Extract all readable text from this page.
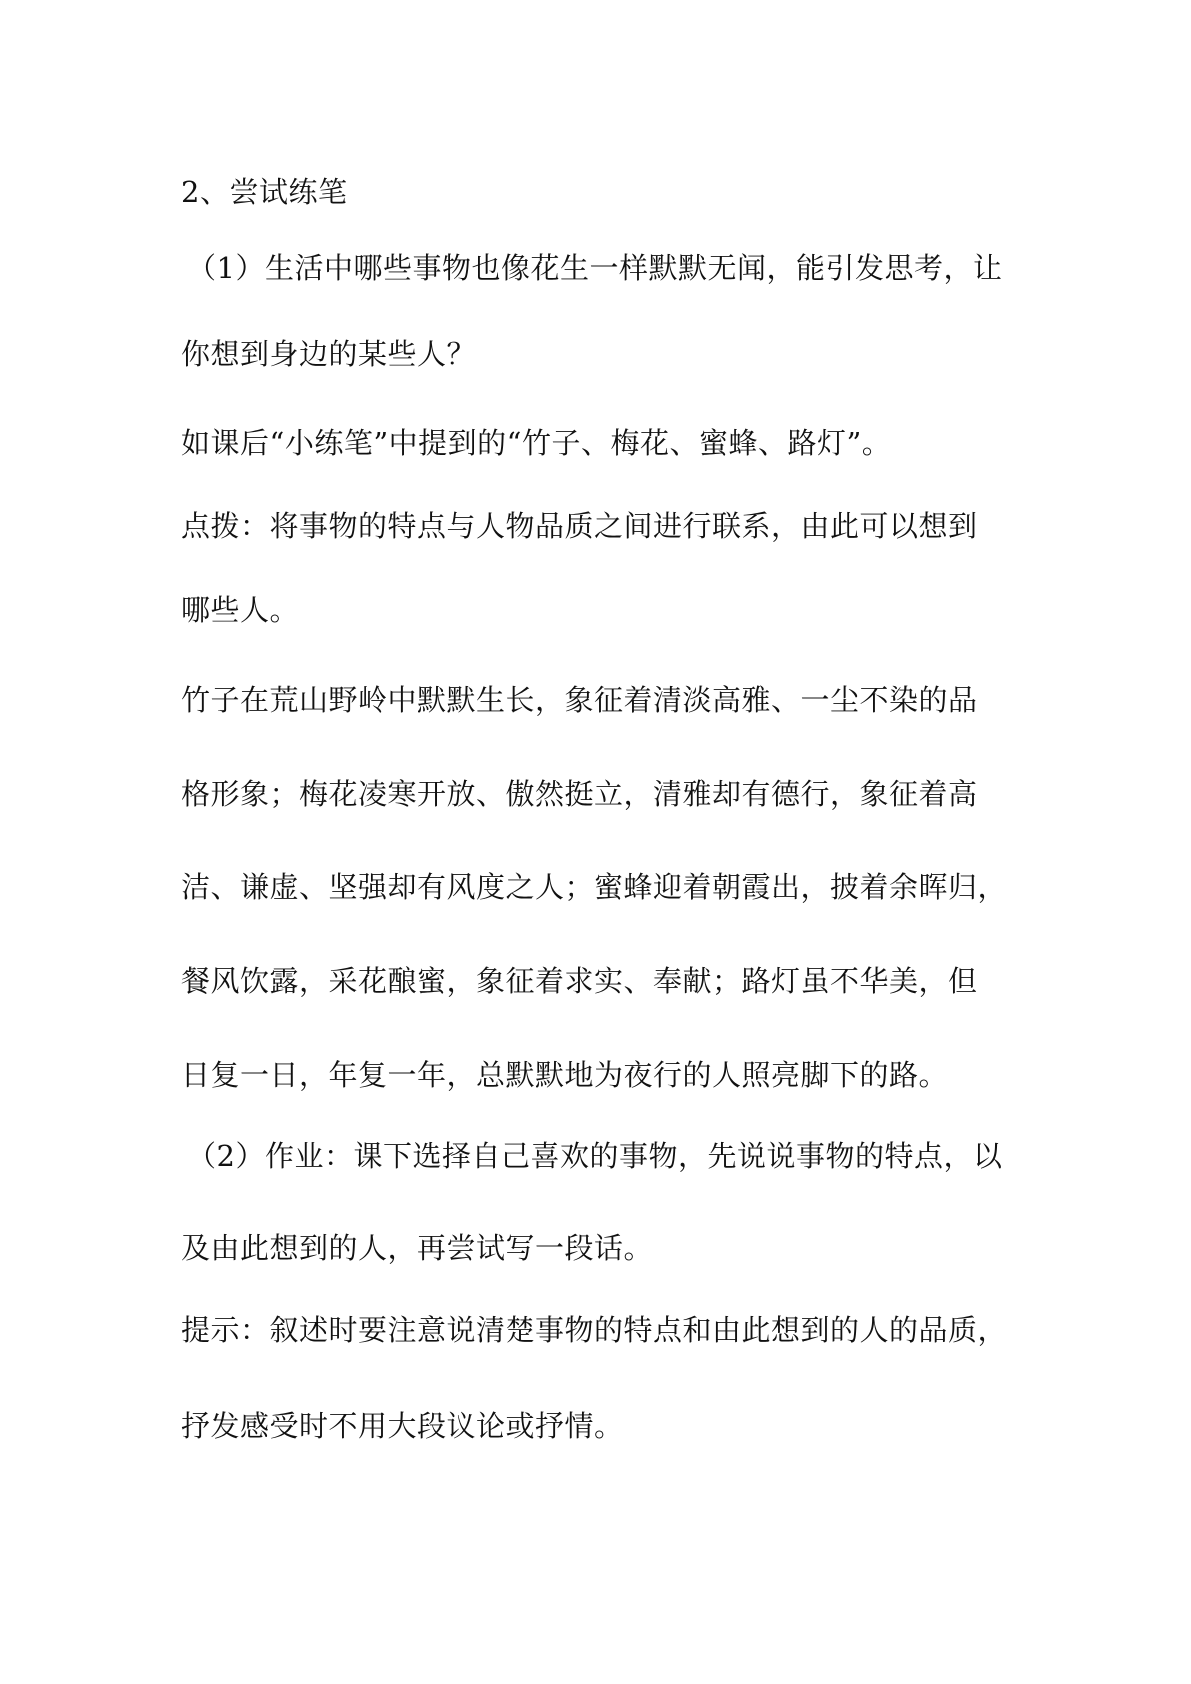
2、尝试练笔
（1）生活中哪些事物也像花生一样默默无闻，能引发思考，让
你想到身边的某些人？
如课后“小练笔”中提到的“竹子、梅花、蜜蜂、路灯”。
点拨：将事物的特点与人物品质之间进行联系，由此可以想到
哪些人。
竹子在荒山野岭中默默生长，象征着清淡高雅、一尘不染的品
格形象；梅花凌寒开放、傲然挺立，清雅却有德行，象征着高
洁、谦虚、坚强却有风度之人；蜜蜂迎着朝霞出，披着余晖归，
餐风饮露，采花酿蜜，象征着求实、奉献；路灯虽不华美，但
日复一日，年复一年，总默默地为夜行的人照亮脚下的路。
（2）作业：课下选择自己喜欢的事物，先说说事物的特点，以
及由此想到的人，再尝试写一段话。
提示：叙述时要注意说清楚事物的特点和由此想到的人的品质，
抒发感受时不用大段议论或抒情。
